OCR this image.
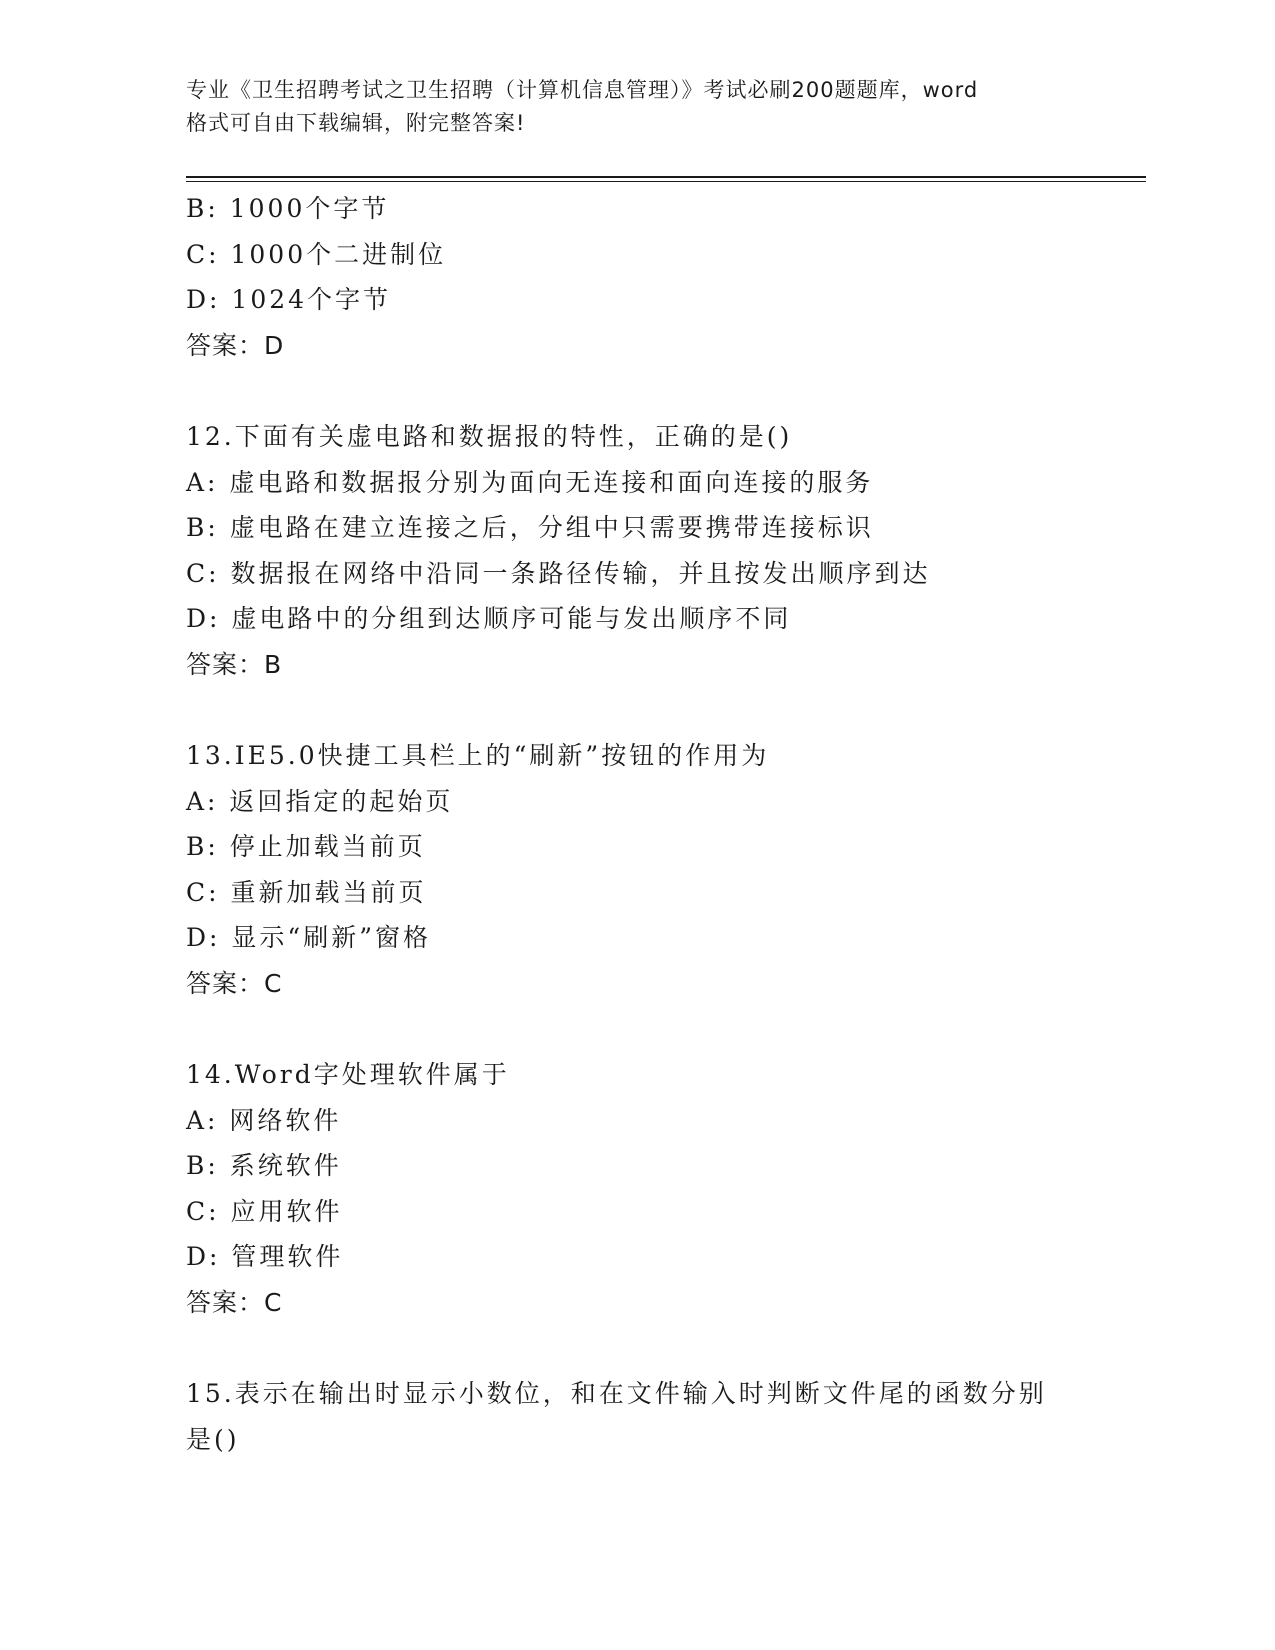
专业《卫生招聘考试之卫生招聘（计算机信息管理）》考试必刷200题题库，word
格式可自由下载编辑，附完整答案!
B: 1000个字节
C: 1000个二进制位
D: 1024个字节
答案：D
12.下面有关虚电路和数据报的特性，正确的是()
A: 虚电路和数据报分别为面向无连接和面向连接的服务
B: 虚电路在建立连接之后，分组中只需要携带连接标识
C: 数据报在网络中沿同一条路径传输，并且按发出顺序到达
D: 虚电路中的分组到达顺序可能与发出顺序不同
答案：B
13.IE5.0快捷工具栏上的“刷新”按钮的作用为
A: 返回指定的起始页
B: 停止加载当前页
C: 重新加载当前页
D: 显示“刷新”窗格
答案：C
14.Word字处理软件属于
A: 网络软件
B: 系统软件
C: 应用软件
D: 管理软件
答案：C
15.表示在输出时显示小数位，和在文件输入时判断文件尾的函数分别
是()
